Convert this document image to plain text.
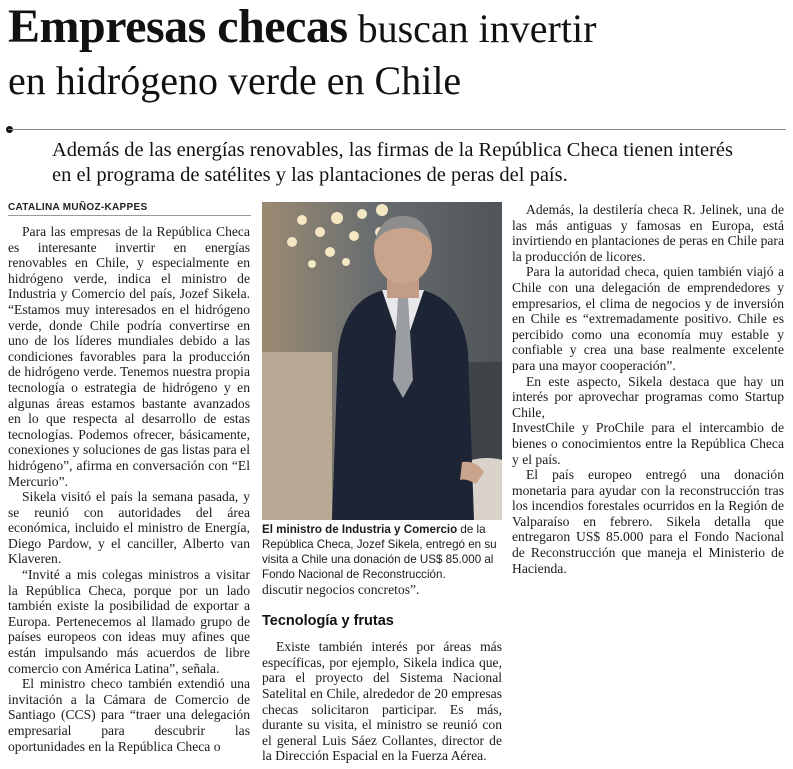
Empresas checas buscan invertir
en hidrógeno verde en Chile

Además de las energías renovables, las firmas de la República Checa tienen interés en el programa de satélites y las plantaciones de peras del país.

CATALINA MUÑOZ-KAPPES

Para las empresas de la República Checa es interesante invertir en energías renovables en Chile, y especialmente en hidrógeno verde, indica el ministro de Industria y Comercio del país, Jozef Sikela. “Estamos muy interesados en el hidrógeno verde, donde Chile podría convertirse en uno de los líderes mundiales debido a las condiciones favorables para la producción de hidrógeno verde. Tenemos nuestra propia tecnología o estrategia de hidrógeno y en algunas áreas estamos bastante avanzados en lo que respecta al desarrollo de estas tecnologías. Podemos ofrecer, básicamente, conexiones y soluciones de gas listas para el hidrógeno”, afirma en conversación con “El Mercurio”.

Sikela visitó el país la semana pasada, y se reunió con autoridades del área económica, incluido el ministro de Energía, Diego Pardow, y el canciller, Alberto van Klaveren.

“Invité a mis colegas ministros a visitar la República Checa, porque por un lado también existe la posibilidad de exportar a Europa. Pertenecemos al llamado grupo de países europeos con ideas muy afines que están impulsando más acuerdos de libre comercio con América Latina”, señala.

El ministro checo también extendió una invitación a la Cámara de Comercio de Santiago (CCS) para “traer una delegación empresarial para descubrir las oportunidades en la República Checa o

El ministro de Industria y Comercio de la República Checa, Jozef Sikela, entregó en su visita a Chile una donación de US$ 85.000 al Fondo Nacional de Reconstrucción.

discutir negocios concretos”.

Tecnología y frutas

Existe también interés por áreas más específicas, por ejemplo, Sikela indica que, para el proyecto del Sistema Nacional Satelital en Chile, alrededor de 20 empresas checas solicitaron participar. Es más, durante su visita, el ministro se reunió con el general Luis Sáez Collantes, director de la Dirección Espacial en la Fuerza Aérea.

Además, la destilería checa R. Jelinek, una de las más antiguas y famosas en Europa, está invirtiendo en plantaciones de peras en Chile para la producción de licores.

Para la autoridad checa, quien también viajó a Chile con una delegación de emprendedores y empresarios, el clima de negocios y de inversión en Chile es “extremadamente positivo. Chile es percibido como una economía muy estable y confiable y crea una base realmente excelente para una mayor cooperación”.

En este aspecto, Sikela destaca que hay un interés por aprovechar programas como Startup Chile,

InvestChile y ProChile para el intercambio de bienes o conocimientos entre la República Checa y el país.

El país europeo entregó una donación monetaria para ayudar con la reconstrucción tras los incendios forestales ocurridos en la Región de Valparaíso en febrero. Sikela detalla que entregaron US$ 85.000 para el Fondo Nacional de Reconstrucción que maneja el Ministerio de Hacienda.
